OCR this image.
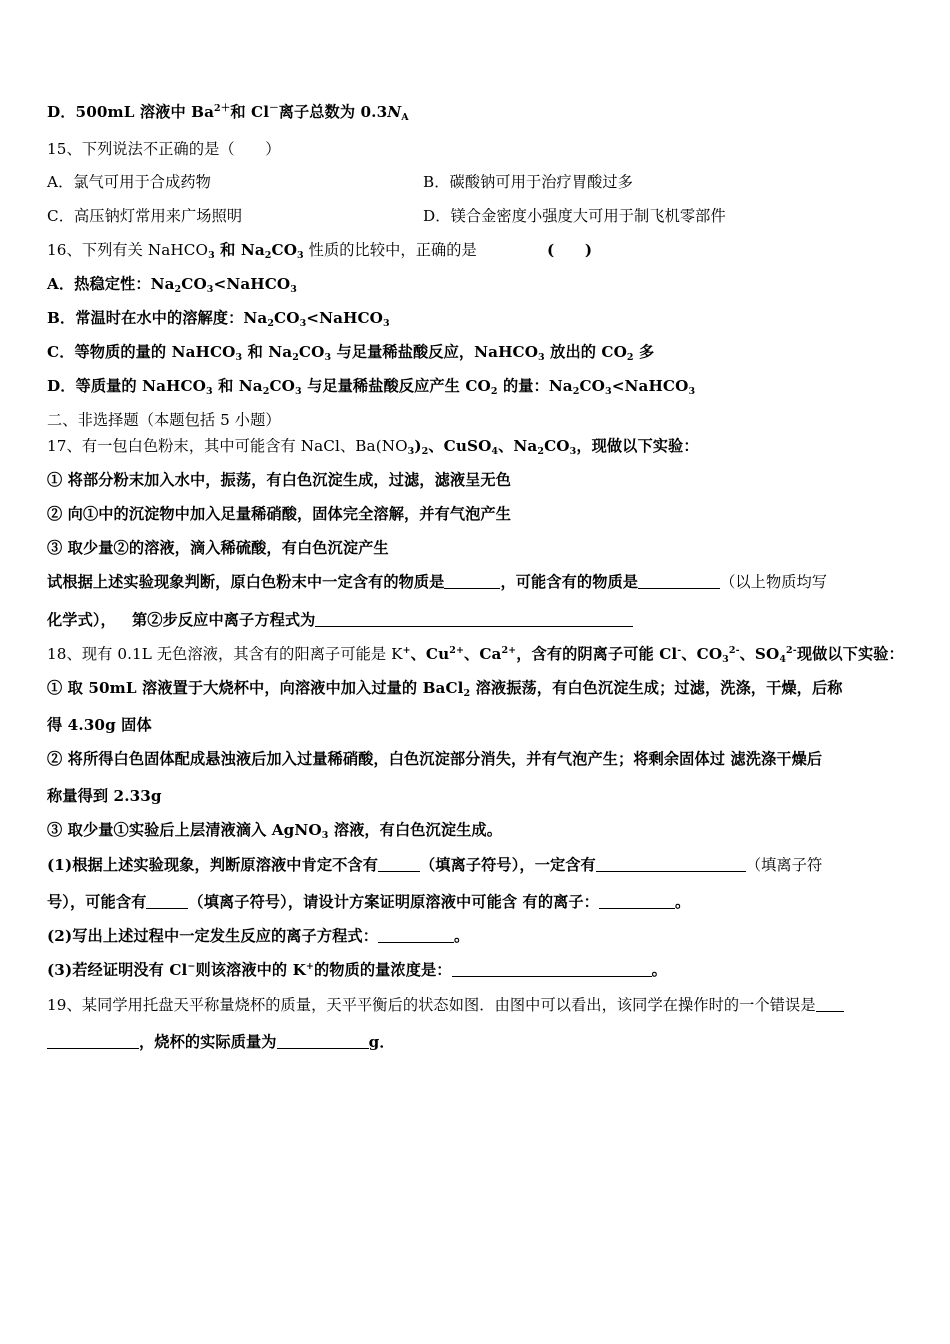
D．500mL 溶液中 $Ba^{2+}$和 Cl－离子总数为 $0.3N_A$
15、下列说法不正确的是（　　）
A．氯气可用于合成药物	B．碳酸钠可用于治疗胃酸过多
C．高压钠灯常用来广场照明	D．镁合金密度小强度大可用于制飞机零部件
16、下列有关 NaHCO$_3$ 和 $Na_2CO_3$ 性质的比较中，正确的是	(　　)
A．热稳定性：$Na_2CO_3<NaHCO_3$
B．常温时在水中的溶解度：$Na_2CO_3<NaHCO_3$
C．等物质的量的 NaHCO$_3$ 和 $Na_2CO_3$ 与足量稀盐酸反应，NaHCO$_3$ 放出的 $CO_2$ 多
D．等质量的 NaHCO$_3$ 和 $Na_2CO_3$ 与足量稀盐酸反应产生 $CO_2$ 的量：$Na_2CO_3<NaHCO_3$
二、非选择题（本题包括 5 小题）
17、有一包白色粉末，其中可能含有 NaCl、$Ba(NO_3)_2$、CuSO$_4$、$Na_2CO_3$，现做以下实验：
① 将部分粉末加入水中，振荡，有白色沉淀生成，过滤，滤液呈无色
② 向①中的沉淀物中加入足量稀硝酸，固体完全溶解，并有气泡产生
③ 取少量②的溶液，滴入稀硫酸，有白色沉淀产生
试根据上述实验现象判断，原白色粉末中一定含有的物质是	，可能含有的物质是	（以上物质均写
化学式）， 第②步反应中离子方程式为
18、现有 0.1L 无色溶液，其含有的阳离子可能是 K+、$Cu^{2+}$、$Ca^{2+}$，含有的阴离子可能 Cl-、$CO_3^{2-}$、$SO_4^{2-}$现做以下实验：
① 取 50mL 溶液置于大烧杯中，向溶液中加入过量的 BaCl$_2$ 溶液振荡，有白色沉淀生成；过滤，洗涤，干燥，后称
得 4.30g 固体
② 将所得白色固体配成悬浊液后加入过量稀硝酸，白色沉淀部分消失，并有气泡产生；将剩余固体过 滤洗涤干燥后
称量得到 2.33g
③ 取少量①实验后上层清液滴入 AgNO$_3$ 溶液，有白色沉淀生成。
(1)根据上述实验现象，判断原溶液中肯定不含有	（填离子符号），一定含有	（填离子符
号），可能含有	（填离子符号），请设计方案证明原溶液中可能含 有的离子：	。
(2)写出上述过程中一定发生反应的离子方程式：	。
(3)若经证明没有 Cl−则该溶液中的 K+的物质的量浓度是：	。
19、某同学用托盘天平称量烧杯的质量，天平平衡后的状态如图．由图中可以看出，该同学在操作时的一个错误是
，烧杯的实际质量为	g．
